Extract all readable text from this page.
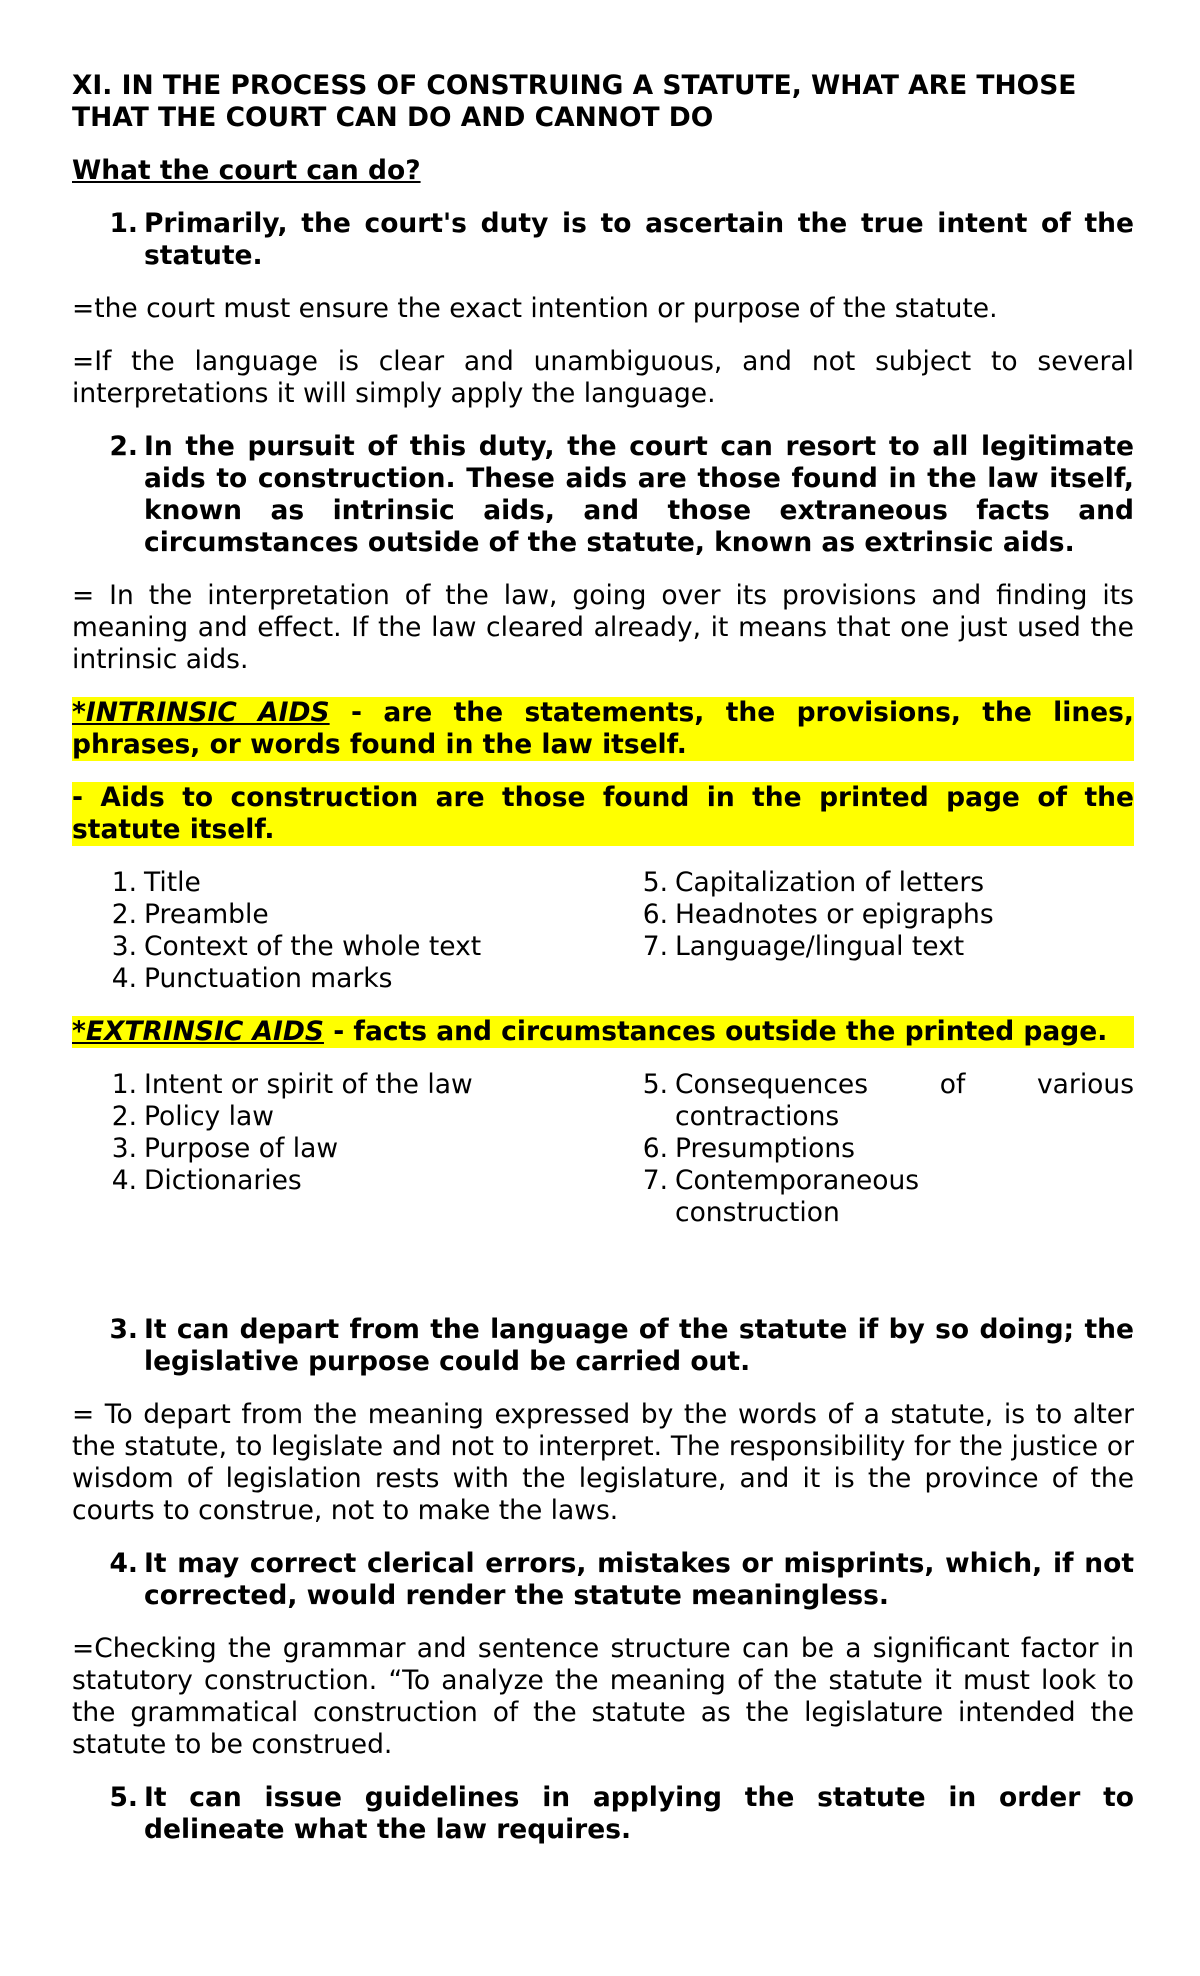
XI. IN THE PROCESS OF CONSTRUING A STATUTE, WHAT ARE THOSE THAT THE COURT CAN DO AND CANNOT DO

What the court can do?

1. Primarily, the court's duty is to ascertain the true intent of the statute.

=the court must ensure the exact intention or purpose of the statute.

=If the language is clear and unambiguous, and not subject to several interpretations it will simply apply the language.

2. In the pursuit of this duty, the court can resort to all legitimate aids to construction. These aids are those found in the law itself, known as intrinsic aids, and those extraneous facts and circumstances outside of the statute, known as extrinsic aids.

= In the interpretation of the law, going over its provisions and finding its meaning and effect. If the law cleared already, it means that one just used the intrinsic aids.

*INTRINSIC AIDS - are the statements, the provisions, the lines, phrases, or words found in the law itself.

- Aids to construction are those found in the printed page of the statute itself.

1. Title
2. Preamble
3. Context of the whole text
4. Punctuation marks
5. Capitalization of letters
6. Headnotes or epigraphs
7. Language/lingual text

*EXTRINSIC AIDS - facts and circumstances outside the printed page.

1. Intent or spirit of the law
2. Policy law
3. Purpose of law
4. Dictionaries
5. Consequences of various contractions
6. Presumptions
7. Contemporaneous construction
3. It can depart from the language of the statute if by so doing; the legislative purpose could be carried out.

= To depart from the meaning expressed by the words of a statute, is to alter the statute, to legislate and not to interpret. The responsibility for the justice or wisdom of legislation rests with the legislature, and it is the province of the courts to construe, not to make the laws.

4. It may correct clerical errors, mistakes or misprints, which, if not corrected, would render the statute meaningless.

=Checking the grammar and sentence structure can be a significant factor in statutory construction. “To analyze the meaning of the statute it must look to the grammatical construction of the statute as the legislature intended the statute to be construed.

5. It can issue guidelines in applying the statute in order to delineate what the law requires.
